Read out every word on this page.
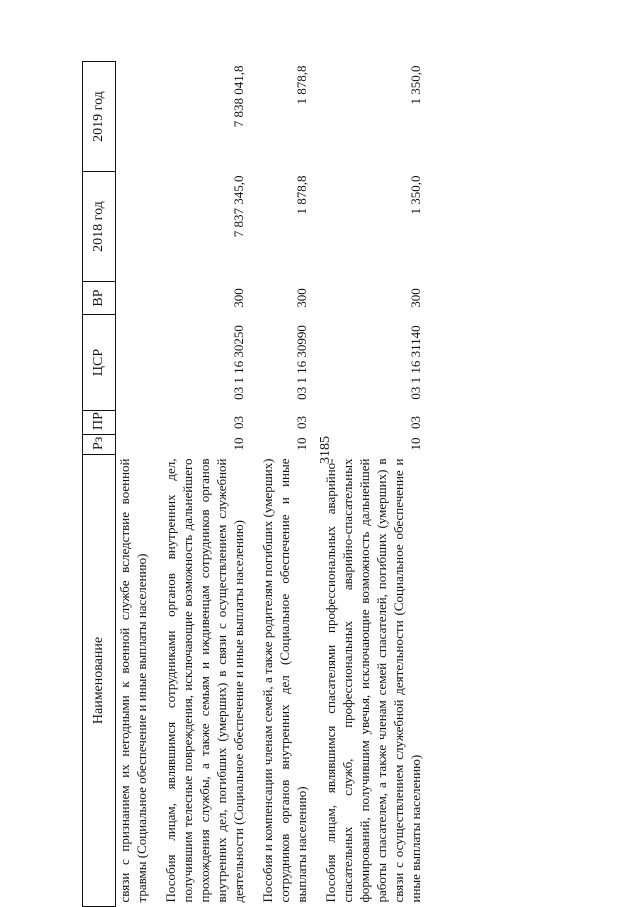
3185
Наименование	Рз	ПР	ЦСР	ВР	2018 год	2019 год
связи с признанием их негодными к военной службе вследствие военной травмы (Социальное обеспечение и иные выплаты населению)						

Пособия лицам, являвшимся сотрудниками органов внутренних дел, получившим телесные повреждения, исключающие возможность дальнейшего прохождения службы, а также семьям и иждивенцам сотрудников органов внутренних дел, погибших (умерших) в связи с осуществлением служебной деятельности (Социальное обеспечение и иные выплаты населению)	10	03	03 1 16 30250	300	7 837 345,0	7 838 041,8

Пособия и компенсации членам семей, а также родителям погибших (умерших) сотрудников органов внутренних дел (Социальное обеспечение и иные выплаты населению)	10	03	03 1 16 30990	300	1 878,8	1 878,8

Пособия лицам, являвшимся спасателями профессиональных аварийно-спасательных служб, профессиональных аварийно-спасательных формирований, получившим увечья, исключающие возможность дальнейшей работы спасателем, а также членам семей спасателей, погибших (умерших) в связи с осуществлением служебной деятельности (Социальное обеспечение и иные выплаты населению)	10	03	03 1 16 31140	300	1 350,0	1 350,0
